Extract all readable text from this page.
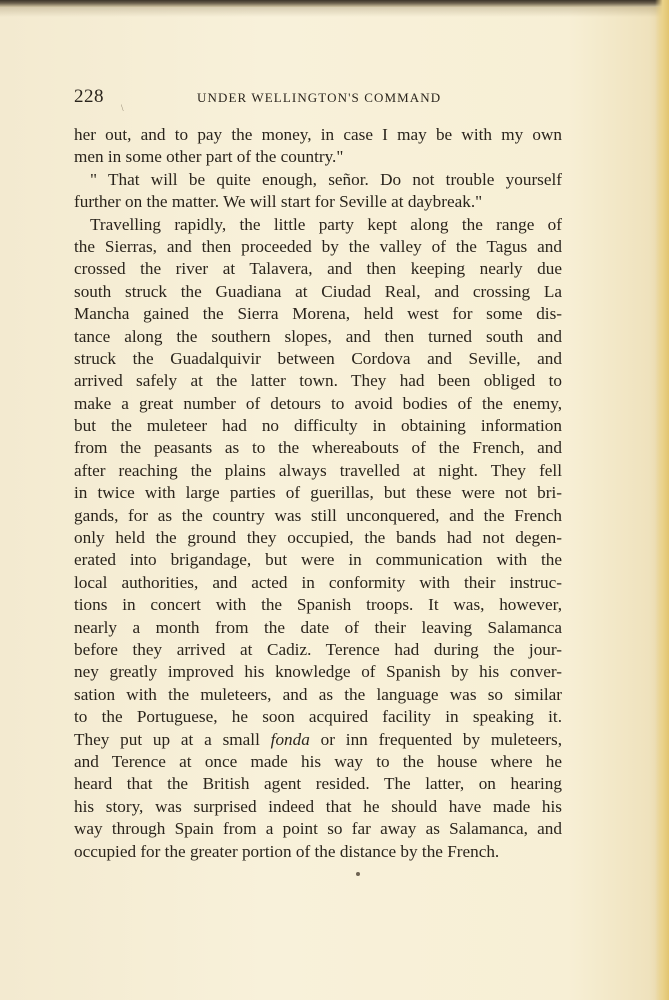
228	UNDER WELLINGTON'S COMMAND
\
her out, and to pay the money, in case I may be with my own
men in some other part of the country."
" That will be quite enough, señor. Do not trouble yourself
further on the matter. We will start for Seville at daybreak."
Travelling rapidly, the little party kept along the range of
the Sierras, and then proceeded by the valley of the Tagus and
crossed the river at Talavera, and then keeping nearly due
south struck the Guadiana at Ciudad Real, and crossing La
Mancha gained the Sierra Morena, held west for some dis-
tance along the southern slopes, and then turned south and
struck the Guadalquivir between Cordova and Seville, and
arrived safely at the latter town. They had been obliged to
make a great number of detours to avoid bodies of the enemy,
but the muleteer had no difficulty in obtaining information
from the peasants as to the whereabouts of the French, and
after reaching the plains always travelled at night. They fell
in twice with large parties of guerillas, but these were not bri-
gands, for as the country was still unconquered, and the French
only held the ground they occupied, the bands had not degen-
erated into brigandage, but were in communication with the
local authorities, and acted in conformity with their instruc-
tions in concert with the Spanish troops. It was, however,
nearly a month from the date of their leaving Salamanca
before they arrived at Cadiz. Terence had during the jour-
ney greatly improved his knowledge of Spanish by his conver-
sation with the muleteers, and as the language was so similar
to the Portuguese, he soon acquired facility in speaking it.
They put up at a small fonda or inn frequented by muleteers,
and Terence at once made his way to the house where he
heard that the British agent resided. The latter, on hearing
his story, was surprised indeed that he should have made his
way through Spain from a point so far away as Salamanca, and
occupied for the greater portion of the distance by the French.
